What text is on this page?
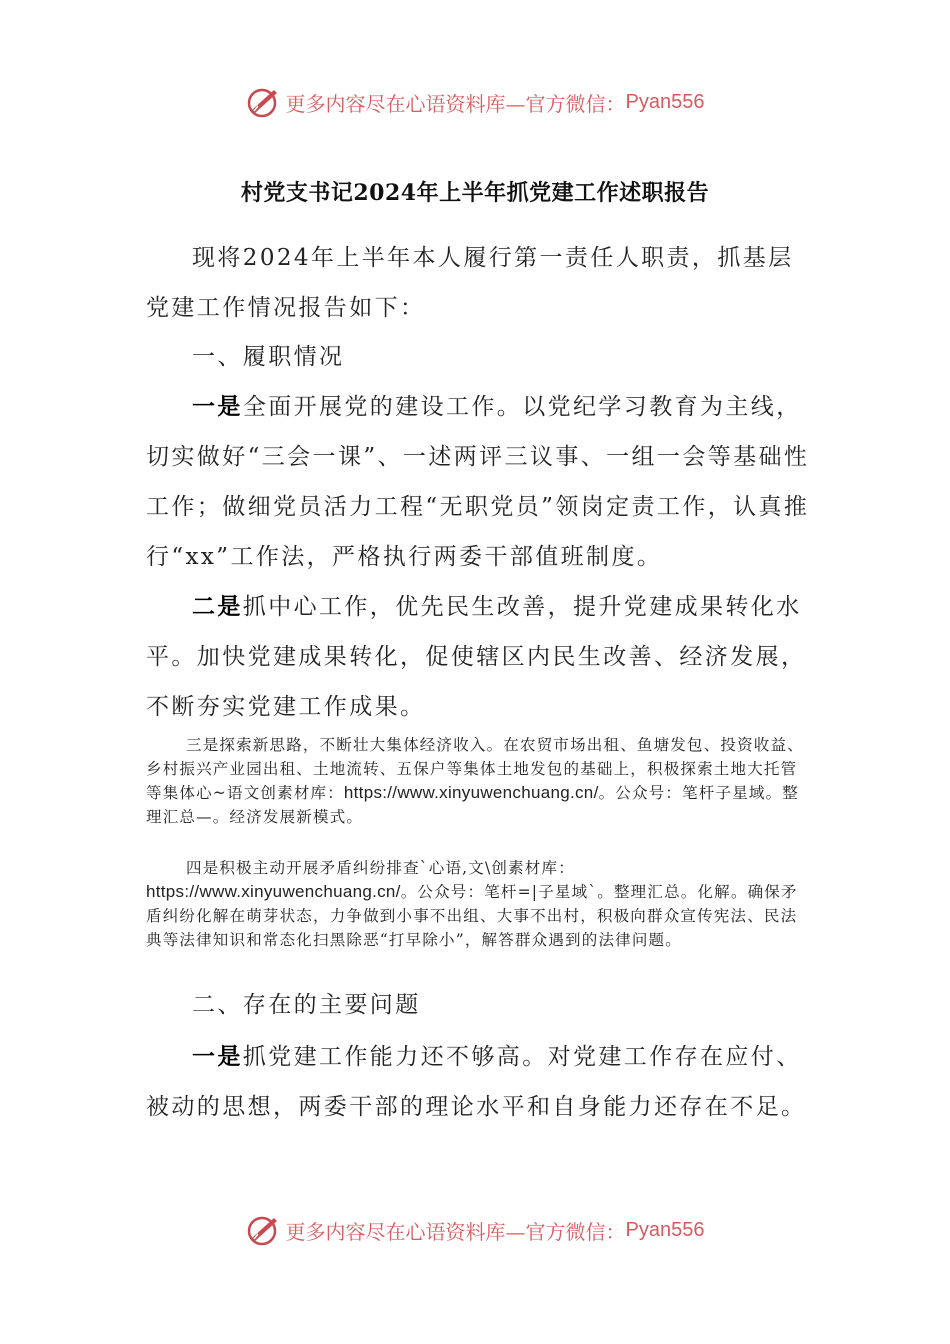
更多内容尽在心语资料库—官方微信： Pyan556
村党支书记2024年上半年抓党建工作述职报告

现将2024年上半年本人履行第一责任人职责，抓基层党建工作情况报告如下：

一、履职情况

一是全面开展党的建设工作。以党纪学习教育为主线，切实做好“三会一课”、一述两评三议事、一组一会等基础性工作；做细党员活力工程“无职党员”领岗定责工作，认真推行“xx”工作法，严格执行两委干部值班制度。

二是抓中心工作，优先民生改善，提升党建成果转化水平。加快党建成果转化，促使辖区内民生改善、经济发展，不断夯实党建工作成果。

三是探索新思路，不断壮大集体经济收入。在农贸市场出租、鱼塘发包、投资收益、乡村振兴产业园出租、土地流转、五保户等集体土地发包的基础上，积极探索土地大托管等集体心~语文创素材库：https://www.xinyuwenchuang.cn/。公众号：笔杆子星域。整理汇总—。经济发展新模式。

四是积极主动开展矛盾纠纷排查`心语,文\创素材库：https://www.xinyuwenchuang.cn/。公众号：笔杆=|子星域`。整理汇总。化解。确保矛盾纠纷化解在萌芽状态，力争做到小事不出组、大事不出村，积极向群众宣传宪法、民法典等法律知识和常态化扫黑除恶“打早除小”，解答群众遇到的法律问题。

二、存在的主要问题

一是抓党建工作能力还不够高。对党建工作存在应付、被动的思想，两委干部的理论水平和自身能力还存在不足。

更多内容尽在心语资料库—官方微信： Pyan556
